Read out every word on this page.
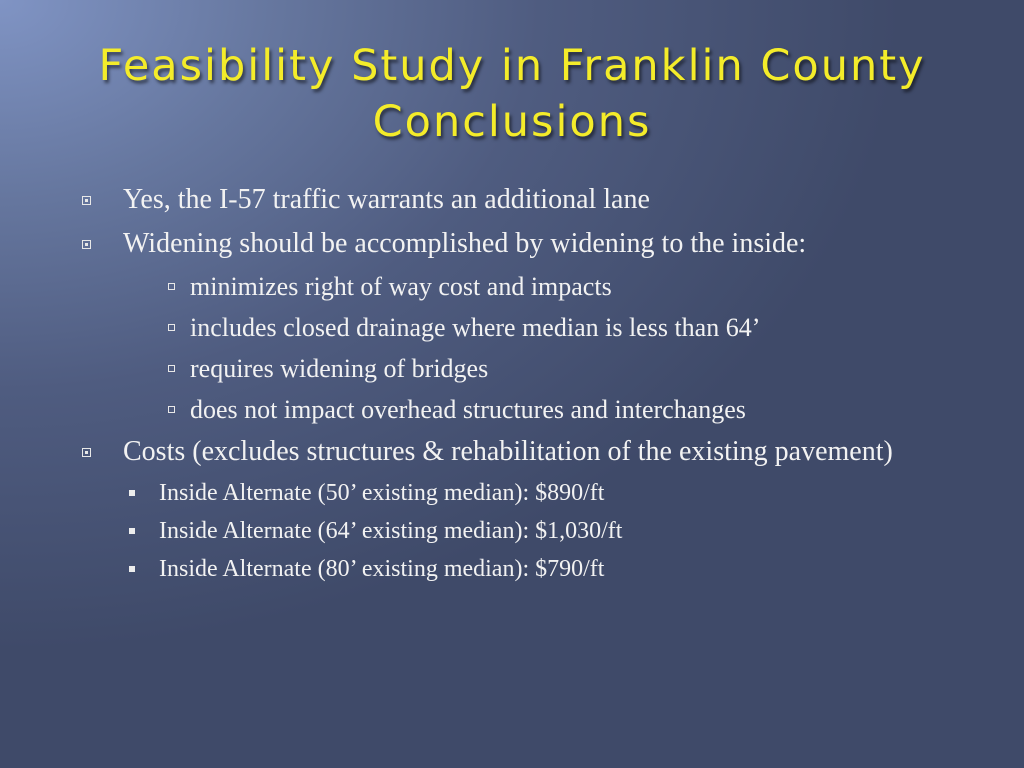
Feasibility Study in Franklin County Conclusions
Yes, the I-57 traffic warrants an additional lane
Widening should be accomplished by widening to the inside:
minimizes right of way cost and impacts
includes closed drainage where median is less than 64’
requires widening of bridges
does not impact overhead structures and interchanges
Costs (excludes structures & rehabilitation of the existing pavement)
Inside Alternate (50’ existing median): $890/ft
Inside Alternate (64’ existing median): $1,030/ft
Inside Alternate (80’ existing median): $790/ft
